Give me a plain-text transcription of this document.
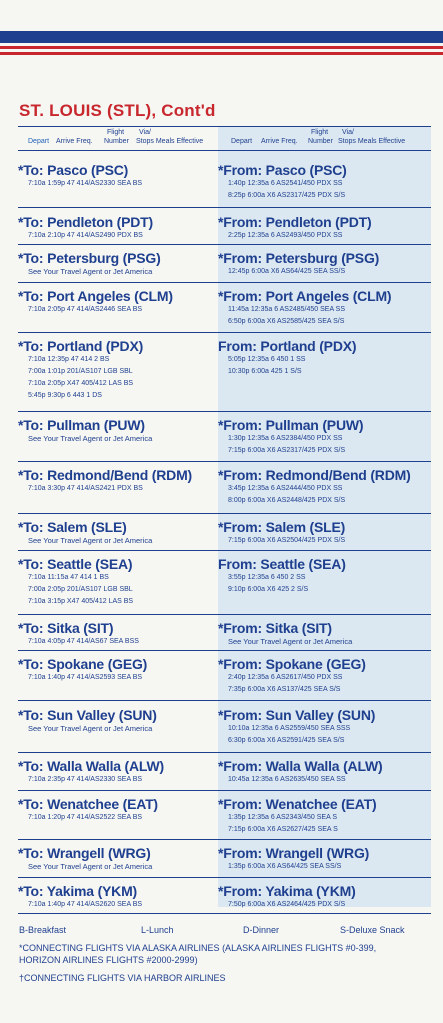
ST. LOUIS (STL), Cont'd
Flight Via/
Depart Arrive Freq. Number Stops Meals Effective
Flight Via/
Depart Arrive Freq. Number Stops Meals Effective
*To: Pasco (PSC)
7:10a 1:59p 47 414/AS2330 SEA BS
*From: Pasco (PSC)
1:40p 12:35a 6 AS2541/450 PDX SS
8:25p 6:00a X6 AS2317/425 PDX S/S
*To: Pendleton (PDT)
7:10a 2:10p 47 414/AS2490 PDX BS
*From: Pendleton (PDT)
2:25p 12:35a 6 AS2493/450 PDX SS
*To: Petersburg (PSG)
See Your Travel Agent or Jet America
*From: Petersburg (PSG)
12:45p 6:00a X6 AS64/425 SEA SS/S
*To: Port Angeles (CLM)
7:10a 2:05p 47 414/AS2446 SEA BS
*From: Port Angeles (CLM)
11:45a 12:35a 6 AS2485/450 SEA SS
6:50p 6:00a X6 AS2585/425 SEA S/S
*To: Portland (PDX)
7:10a 12:35p 47 414 2 BS
7:00a 1:01p 201/AS107 LGB SBL
7:10a 2:05p X47 405/412 LAS BS
5:45p 9:30p 6 443 1 DS
From: Portland (PDX)
5:05p 12:35a 6 450 1 SS
10:30p 6:00a 425 1 S/S
*To: Pullman (PUW)
See Your Travel Agent or Jet America
*From: Pullman (PUW)
1:30p 12:35a 6 AS2384/450 PDX SS
7:15p 6:00a X6 AS2317/425 PDX S/S
*To: Redmond/Bend (RDM)
7:10a 3:30p 47 414/AS2421 PDX BS
*From: Redmond/Bend (RDM)
3:45p 12:35a 6 AS2444/450 PDX SS
8:00p 6:00a X6 AS2448/425 PDX S/S
*To: Salem (SLE)
See Your Travel Agent or Jet America
*From: Salem (SLE)
7:15p 6:00a X6 AS2504/425 PDX S/S
*To: Seattle (SEA)
7:10a 11:15a 47 414 1 BS
7:00a 2:05p 201/AS107 LGB SBL
7:10a 3:15p X47 405/412 LAS BS
From: Seattle (SEA)
3:55p 12:35a 6 450 2 SS
9:10p 6:00a X6 425 2 S/S
*To: Sitka (SIT)
7:10a 4:05p 47 414/AS67 SEA BSS
*From: Sitka (SIT)
See Your Travel Agent or Jet America
*To: Spokane (GEG)
7:10a 1:40p 47 414/AS2593 SEA BS
*From: Spokane (GEG)
2:40p 12:35a 6 AS2617/450 PDX SS
7:35p 6:00a X6 AS137/425 SEA S/S
*To: Sun Valley (SUN)
See Your Travel Agent or Jet America
*From: Sun Valley (SUN)
10:10a 12:35a 6 AS2559/450 SEA SSS
6:30p 6:00a X6 AS2591/425 SEA S/S
*To: Walla Walla (ALW)
7:10a 2:35p 47 414/AS2330 SEA BS
*From: Walla Walla (ALW)
10:45a 12:35a 6 AS2635/450 SEA SS
*To: Wenatchee (EAT)
7:10a 1:20p 47 414/AS2522 SEA BS
*From: Wenatchee (EAT)
1:35p 12:35a 6 AS2343/450 SEA S
7:15p 6:00a X6 AS2627/425 SEA S
*To: Wrangell (WRG)
See Your Travel Agent or Jet America
*From: Wrangell (WRG)
1:35p 6:00a X6 AS64/425 SEA SS/S
*To: Yakima (YKM)
7:10a 1:40p 47 414/AS2620 SEA BS
*From: Yakima (YKM)
7:50p 6:00a X6 AS2464/425 PDX S/S
B-Breakfast	L-Lunch	D-Dinner	S-Deluxe Snack
*CONNECTING FLIGHTS VIA ALASKA AIRLINES (ALASKA AIRLINES FLIGHTS #0-399,
HORIZON AIRLINES FLIGHTS #2000-2999)
†CONNECTING FLIGHTS VIA HARBOR AIRLINES
